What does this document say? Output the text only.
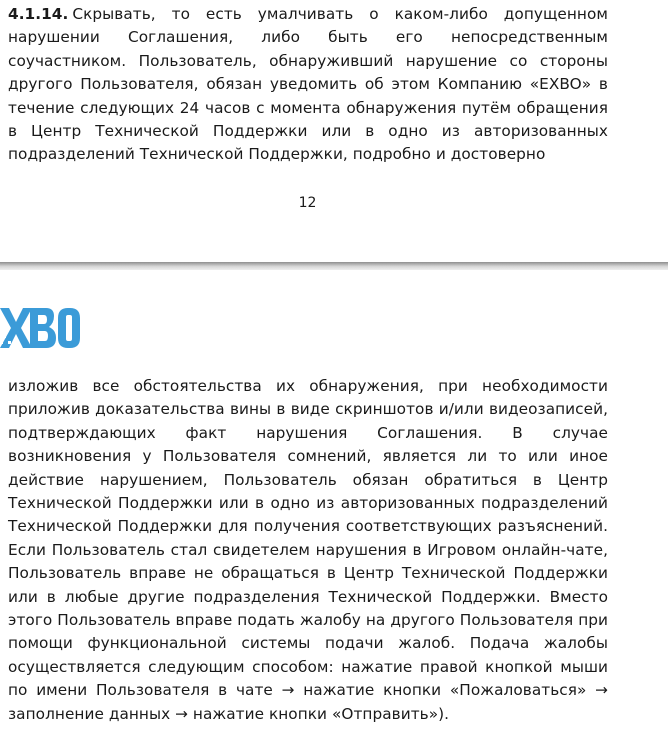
4.1.14. Скрывать, то есть умалчивать о каком-либо допущенном нарушении Соглашения, либо быть его непосредственным соучастником. Пользователь, обнаруживший нарушение со стороны другого Пользователя, обязан уведомить об этом Компанию «EXBO» в течение следующих 24 часов с момента обнаружения путём обращения в Центр Технической Поддержки или в одно из авторизованных подразделений Технической Поддержки, подробно и достоверно

12

изложив все обстоятельства их обнаружения, при необходимости приложив доказательства вины в виде скриншотов и/или видеозаписей, подтверждающих факт нарушения Соглашения. В случае возникновения у Пользователя сомнений, является ли то или иное действие нарушением, Пользователь обязан обратиться в Центр Технической Поддержки или в одно из авторизованных подразделений Технической Поддержки для получения соответствующих разъяснений. Если Пользователь стал свидетелем нарушения в Игровом онлайн-чате, Пользователь вправе не обращаться в Центр Технической Поддержки или в любые другие подразделения Технической Поддержки. Вместо этого Пользователь вправе подать жалобу на другого Пользователя при помощи функциональной системы подачи жалоб. Подача жалобы осуществляется следующим способом: нажатие правой кнопкой мыши по имени Пользователя в чате → нажатие кнопки «Пожаловаться» → заполнение данных → нажатие кнопки «Отправить»).
